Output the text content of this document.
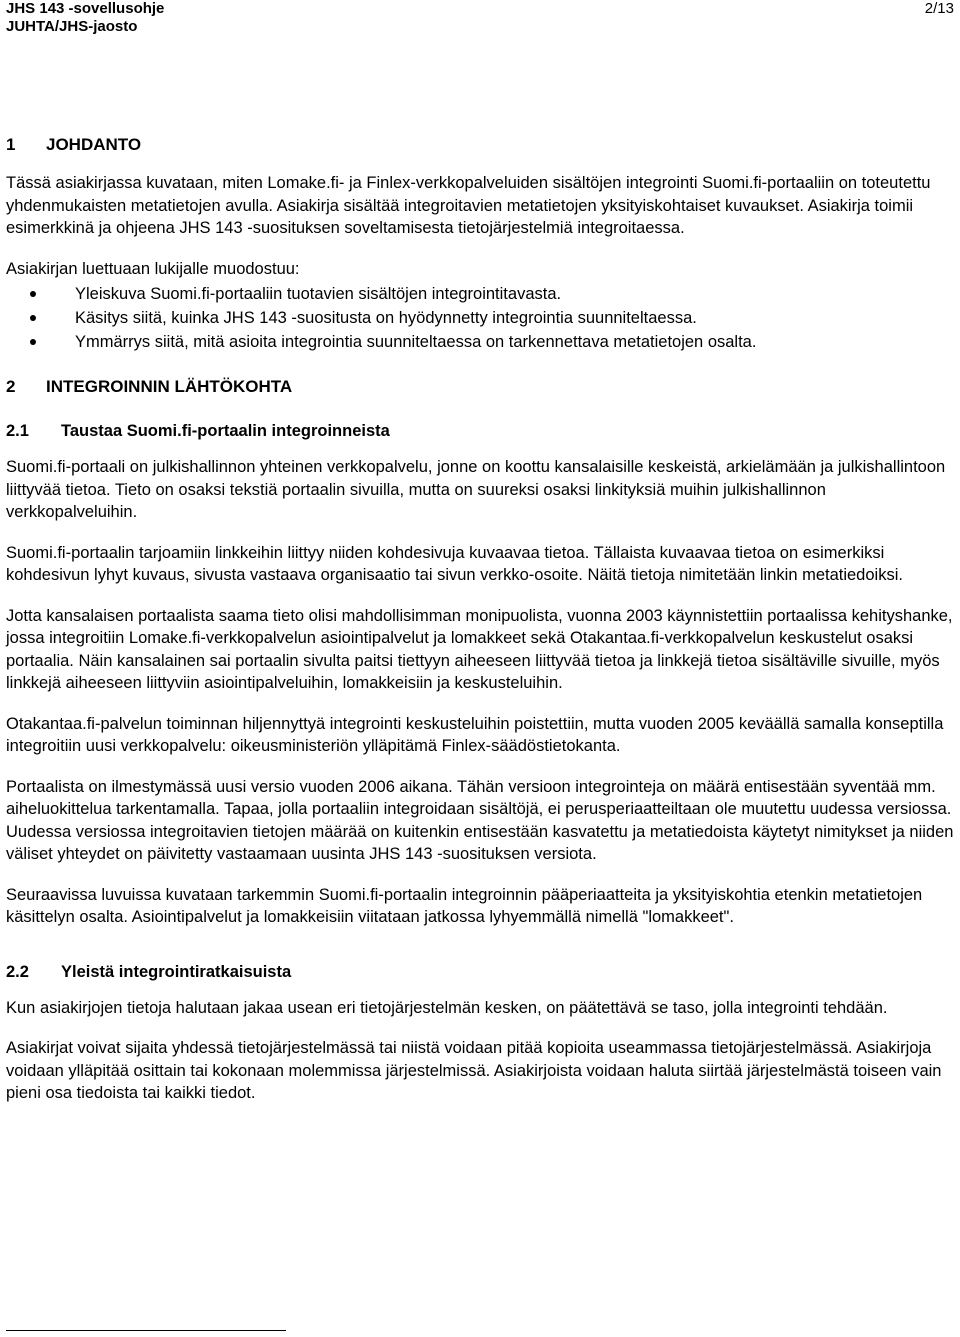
JHS 143 -sovellusohje
JUHTA/JHS-jaosto
2/13
1	JOHDANTO

Tässä asiakirjassa kuvataan, miten Lomake.fi- ja Finlex-verkkopalveluiden sisältöjen integrointi Suomi.fi-portaaliin on toteutettu yhdenmukaisten metatietojen avulla. Asiakirja sisältää integroitavien metatietojen yksityiskohtaiset kuvaukset. Asiakirja toimii esimerkkinä ja ohjeena JHS 143 -suosituksen soveltamisesta tietojärjestelmiä integroitaessa.

Asiakirjan luettuaan lukijalle muodostuu:

Yleiskuva Suomi.fi-portaaliin tuotavien sisältöjen integrointitavasta.
Käsitys siitä, kuinka JHS 143 -suositusta on hyödynnetty integrointia suunniteltaessa.
Ymmärrys siitä, mitä asioita integrointia suunniteltaessa on tarkennettava metatietojen osalta.
2	INTEGROINNIN LÄHTÖKOHTA
2.1	Taustaa Suomi.fi-portaalin integroinneista

Suomi.fi-portaali on julkishallinnon yhteinen verkkopalvelu, jonne on koottu kansalaisille keskeistä, arkielämään ja julkishallintoon liittyvää tietoa. Tieto on osaksi tekstiä portaalin sivuilla, mutta on suureksi osaksi linkityksiä muihin julkishallinnon verkkopalveluihin.

Suomi.fi-portaalin tarjoamiin linkkeihin liittyy niiden kohdesivuja kuvaavaa tietoa. Tällaista kuvaavaa tietoa on esimerkiksi kohdesivun lyhyt kuvaus, sivusta vastaava organisaatio tai sivun verkko-osoite. Näitä tietoja nimitetään linkin metatiedoiksi.

Jotta kansalaisen portaalista saama tieto olisi mahdollisimman monipuolista, vuonna 2003 käynnistettiin portaalissa kehityshanke, jossa integroitiin Lomake.fi-verkkopalvelun asiointipalvelut ja lomakkeet sekä Otakantaa.fi-verkkopalvelun keskustelut osaksi portaalia. Näin kansalainen sai portaalin sivulta paitsi tiettyyn aiheeseen liittyvää tietoa ja linkkejä tietoa sisältäville sivuille, myös linkkejä aiheeseen liittyviin asiointipalveluihin, lomakkeisiin ja keskusteluihin.

Otakantaa.fi-palvelun toiminnan hiljennyttyä integrointi keskusteluihin poistettiin, mutta vuoden 2005 keväällä samalla konseptilla integroitiin uusi verkkopalvelu: oikeusministeriön ylläpitämä Finlex-säädöstietokanta.

Portaalista on ilmestymässä uusi versio vuoden 2006 aikana. Tähän versioon integrointeja on määrä entisestään syventää mm. aiheluokittelua tarkentamalla. Tapaa, jolla portaaliin integroidaan sisältöjä, ei perusperiaatteiltaan ole muutettu uudessa versiossa. Uudessa versiossa integroitavien tietojen määrää on kuitenkin entisestään kasvatettu ja metatiedoista käytetyt nimitykset ja niiden väliset yhteydet on päivitetty vastaamaan uusinta JHS 143 -suosituksen versiota.

Seuraavissa luvuissa kuvataan tarkemmin Suomi.fi-portaalin integroinnin pääperiaatteita ja yksityiskohtia etenkin metatietojen käsittelyn osalta. Asiointipalvelut ja lomakkeisiin viitataan jatkossa lyhyemmällä nimellä "lomakkeet".

2.2	Yleistä integrointiratkaisuista

Kun asiakirjojen tietoja halutaan jakaa usean eri tietojärjestelmän kesken, on päätettävä se taso, jolla integrointi tehdään.

Asiakirjat voivat sijaita yhdessä tietojärjestelmässä tai niistä voidaan pitää kopioita useammassa tietojärjestelmässä. Asiakirjoja voidaan ylläpitää osittain tai kokonaan molemmissa järjestelmissä. Asiakirjoista voidaan haluta siirtää järjestelmästä toiseen vain pieni osa tiedoista tai kaikki tiedot.
